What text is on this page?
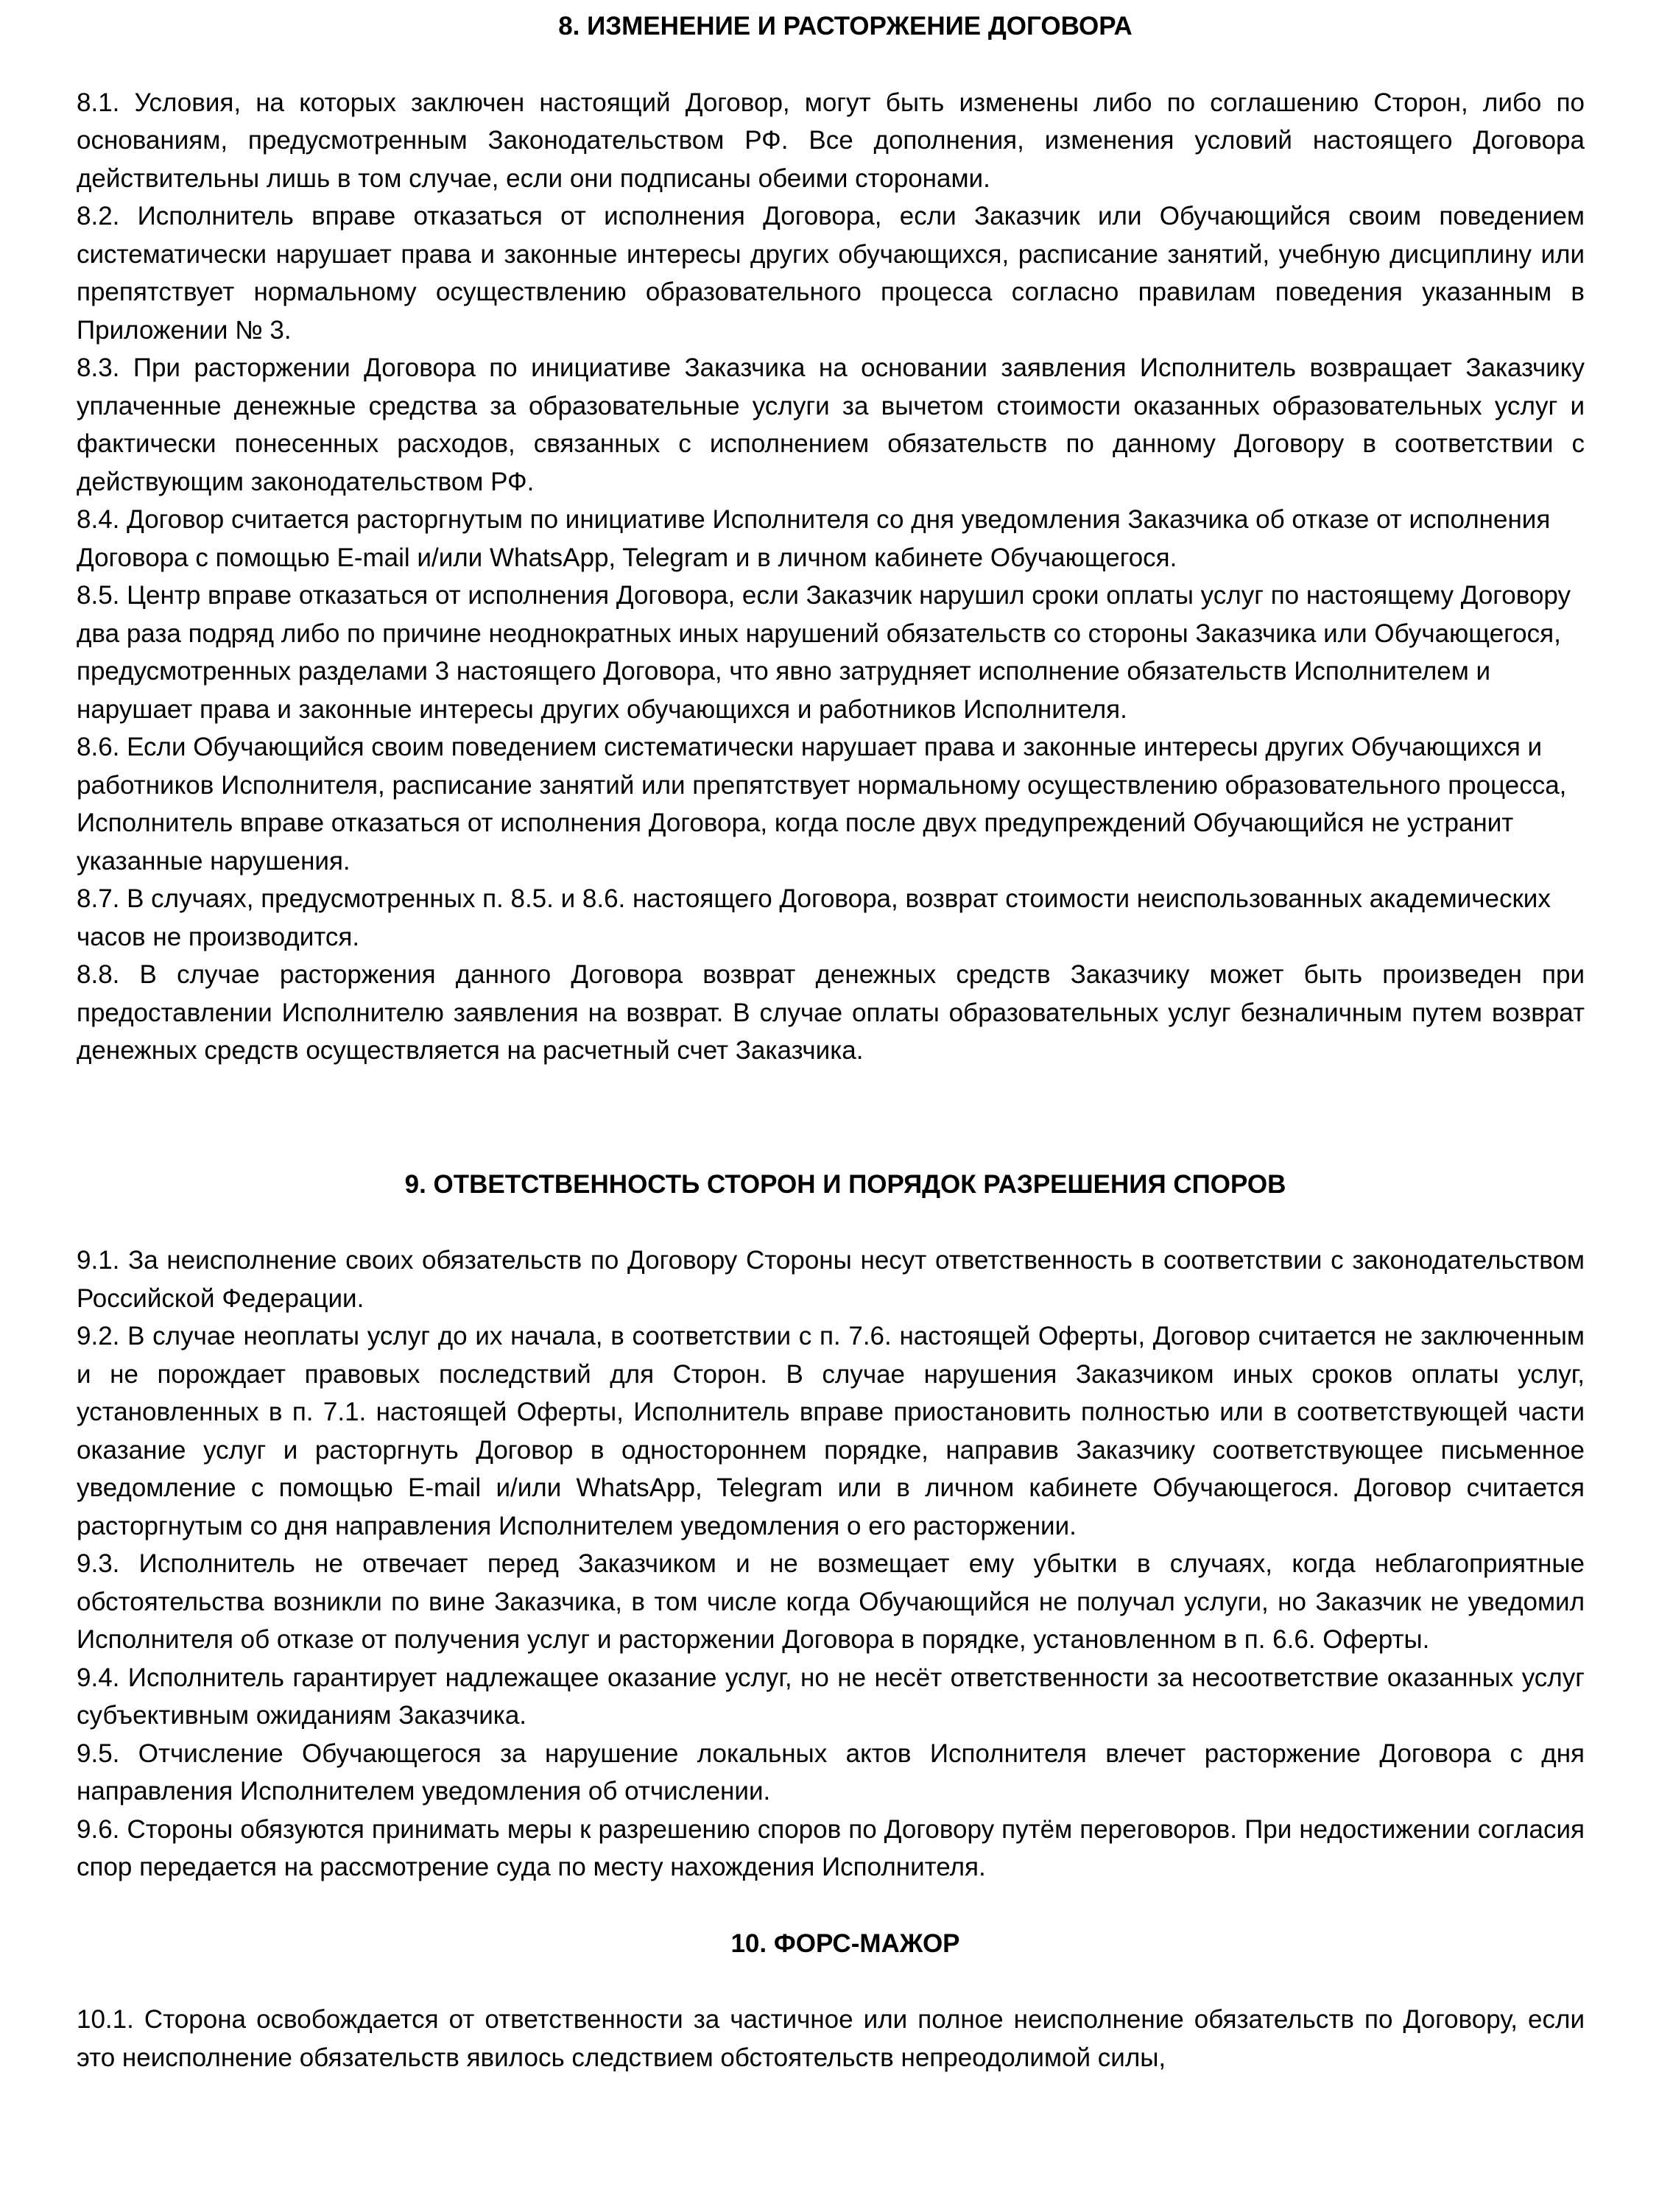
8. ИЗМЕНЕНИЕ И РАСТОРЖЕНИЕ ДОГОВОРА

8.1. Условия, на которых заключен настоящий Договор, могут быть изменены либо по соглашению Сторон, либо по основаниям, предусмотренным Законодательством РФ. Все дополнения, изменения условий настоящего Договора действительны лишь в том случае, если они подписаны обеими сторонами.

8.2. Исполнитель вправе отказаться от исполнения Договора, если Заказчик или Обучающийся своим поведением систематически нарушает права и законные интересы других обучающихся, расписание занятий, учебную дисциплину или препятствует нормальному осуществлению образовательного процесса согласно правилам поведения указанным в Приложении № 3.

8.3. При расторжении Договора по инициативе Заказчика на основании заявления Исполнитель возвращает Заказчику уплаченные денежные средства за образовательные услуги за вычетом стоимости оказанных образовательных услуг и фактически понесенных расходов, связанных с исполнением обязательств по данному Договору в соответствии с действующим законодательством РФ.

8.4. Договор считается расторгнутым по инициативе Исполнителя со дня уведомления Заказчика об отказе от исполнения Договора с помощью E-mail и/или WhatsApp, Telegram и в личном кабинете Обучающегося.

8.5. Центр вправе отказаться от исполнения Договора, если Заказчик нарушил сроки оплаты услуг по настоящему Договору два раза подряд либо по причине неоднократных иных нарушений обязательств со стороны Заказчика или Обучающегося, предусмотренных разделами 3 настоящего Договора, что явно затрудняет исполнение обязательств Исполнителем и нарушает права и законные интересы других обучающихся и работников Исполнителя.

8.6. Если Обучающийся своим поведением систематически нарушает права и законные интересы других Обучающихся и работников Исполнителя, расписание занятий или препятствует нормальному осуществлению образовательного процесса, Исполнитель вправе отказаться от исполнения Договора, когда после двух предупреждений Обучающийся не устранит указанные нарушения.

8.7. В случаях, предусмотренных п. 8.5. и 8.6. настоящего Договора, возврат стоимости неиспользованных академических часов не производится.

8.8. В случае расторжения данного Договора возврат денежных средств Заказчику может быть произведен при предоставлении Исполнителю заявления на возврат. В случае оплаты образовательных услуг безналичным путем возврат денежных средств осуществляется на расчетный счет Заказчика.

9. ОТВЕТСТВЕННОСТЬ СТОРОН И ПОРЯДОК РАЗРЕШЕНИЯ СПОРОВ

9.1. За неисполнение своих обязательств по Договору Стороны несут ответственность в соответствии с законодательством Российской Федерации.

9.2. В случае неоплаты услуг до их начала, в соответствии с п. 7.6. настоящей Оферты, Договор считается не заключенным и не порождает правовых последствий для Сторон. В случае нарушения Заказчиком иных сроков оплаты услуг, установленных в п. 7.1. настоящей Оферты, Исполнитель вправе приостановить полностью или в соответствующей части оказание услуг и расторгнуть Договор в одностороннем порядке, направив Заказчику соответствующее письменное уведомление с помощью E-mail и/или WhatsApp, Telegram или в личном кабинете Обучающегося. Договор считается расторгнутым со дня направления Исполнителем уведомления о его расторжении.

9.3. Исполнитель не отвечает перед Заказчиком и не возмещает ему убытки в случаях, когда неблагоприятные обстоятельства возникли по вине Заказчика, в том числе когда Обучающийся не получал услуги, но Заказчик не уведомил Исполнителя об отказе от получения услуг и расторжении Договора в порядке, установленном в п. 6.6. Оферты.

9.4. Исполнитель гарантирует надлежащее оказание услуг, но не несёт ответственности за несоответствие оказанных услуг субъективным ожиданиям Заказчика.

9.5. Отчисление Обучающегося за нарушение локальных актов Исполнителя влечет расторжение Договора с дня направления Исполнителем уведомления об отчислении.

9.6. Стороны обязуются принимать меры к разрешению споров по Договору путём переговоров. При недостижении согласия спор передается на рассмотрение суда по месту нахождения Исполнителя.

10. ФОРС-МАЖОР

10.1. Сторона освобождается от ответственности за частичное или полное неисполнение обязательств по Договору, если это неисполнение обязательств явилось следствием обстоятельств непреодолимой силы,
